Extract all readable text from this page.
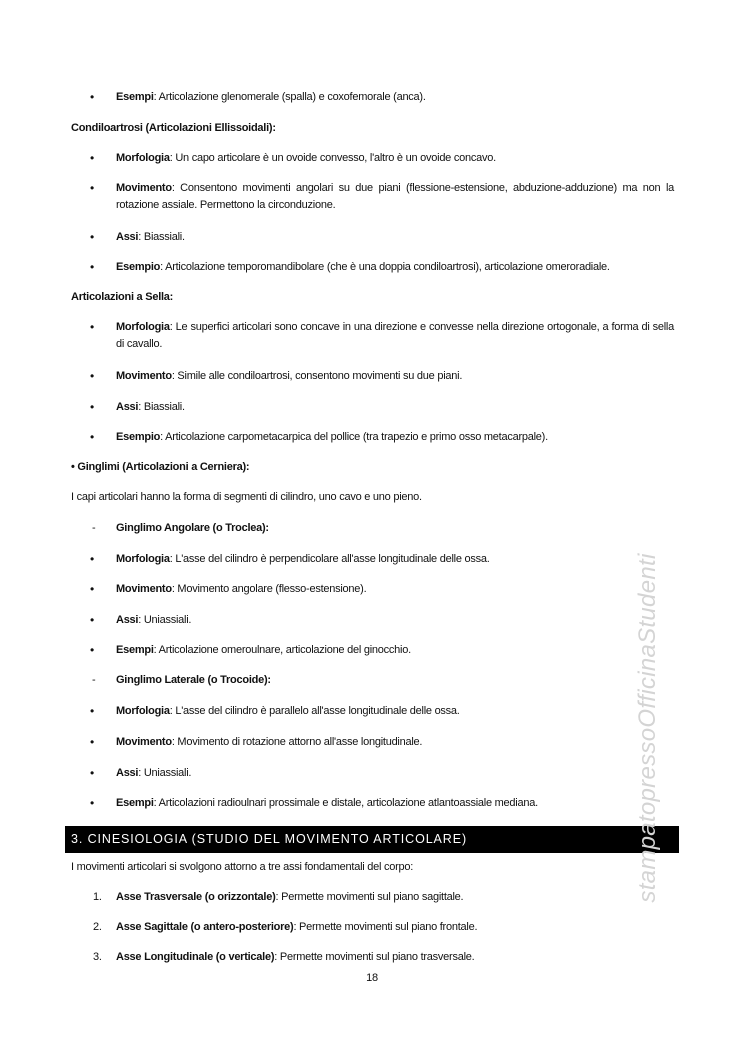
• Esempi: Articolazione glenomerale (spalla) e coxofemorale (anca).
Condiloartrosi (Articolazioni Ellissoidali):
• Morfologia: Un capo articolare è un ovoide convesso, l'altro è un ovoide concavo.
• Movimento: Consentono movimenti angolari su due piani (flessione-estensione, abduzione-adduzione) ma non la rotazione assiale. Permettono la circonduzione.
• Assi: Biassiali.
• Esempio: Articolazione temporomandibolare (che è una doppia condiloartrosi), articolazione omeroradiale.
Articolazioni a Sella:
• Morfologia: Le superfici articolari sono concave in una direzione e convesse nella direzione ortogonale, a forma di sella di cavallo.
• Movimento: Simile alle condiloartrosi, consentono movimenti su due piani.
• Assi: Biassiali.
• Esempio: Articolazione carpometacarpica del pollice (tra trapezio e primo osso metacarpale).
• Ginglimi (Articolazioni a Cerniera):
I capi articolari hanno la forma di segmenti di cilindro, uno cavo e uno pieno.
- Ginglimo Angolare (o Troclea):
• Morfologia: L'asse del cilindro è perpendicolare all'asse longitudinale delle ossa.
• Movimento: Movimento angolare (flesso-estensione).
• Assi: Uniassiali.
• Esempi: Articolazione omeroulnare, articolazione del ginocchio.
- Ginglimo Laterale (o Trocoide):
• Morfologia: L'asse del cilindro è parallelo all'asse longitudinale delle ossa.
• Movimento: Movimento di rotazione attorno all'asse longitudinale.
• Assi: Uniassiali.
• Esempi: Articolazioni radioulnari prossimale e distale, articolazione atlantoassiale mediana.
3. CINESIOLOGIA (STUDIO DEL MOVIMENTO ARTICOLARE)
I movimenti articolari si svolgono attorno a tre assi fondamentali del corpo:
1. Asse Trasversale (o orizzontale): Permette movimenti sul piano sagittale.
2. Asse Sagittale (o antero-posteriore): Permette movimenti sul piano frontale.
3. Asse Longitudinale (o verticale): Permette movimenti sul piano trasversale.
18
stampatopressoOfficinaStudenti
